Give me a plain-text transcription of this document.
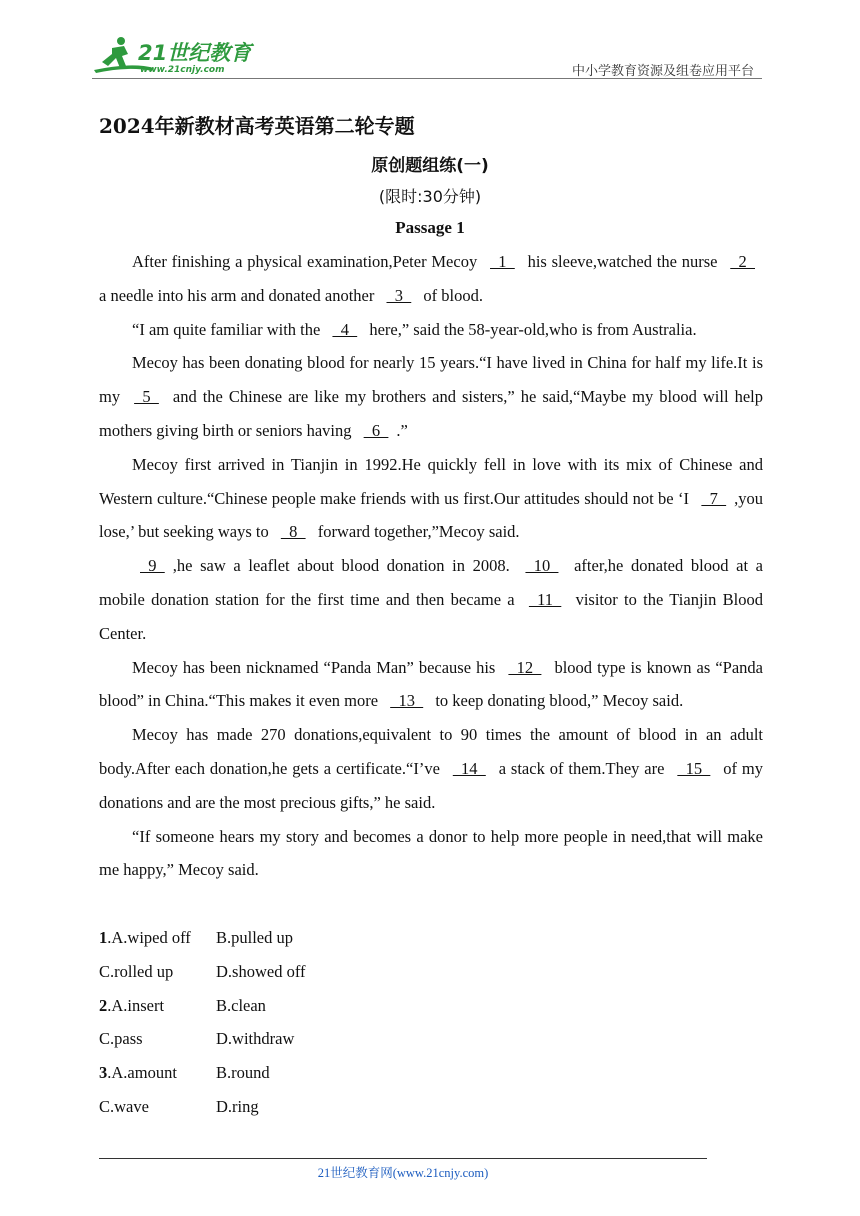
21世纪教育
www.21cnjy.com	中小学教育资源及组卷应用平台
2024年新教材高考英语第二轮专题
原创题组练(一)
(限时:30分钟)
Passage 1

After finishing a physical examination,Peter Mecoy  1  his sleeve,watched the nurse  2  a needle into his arm and donated another  3  of blood.

“I am quite familiar with the  4  here,” said the 58-year-old,who is from Australia.

Mecoy has been donating blood for nearly 15 years.“I have lived in China for half my life.It is my  5  and the Chinese are like my brothers and sisters,” he said,“Maybe my blood will help mothers giving birth or seniors having  6 .”

Mecoy first arrived in Tianjin in 1992.He quickly fell in love with its mix of Chinese and Western culture.“Chinese people make friends with us first.Our attitudes should not be ‘I  7 ,you lose,’ but seeking ways to  8  forward together,”Mecoy said.

 9 ,he saw a leaflet about blood donation in 2008.  10  after,he donated blood at a mobile donation station for the first time and then became a  11  visitor to the Tianjin Blood Center.

Mecoy has been nicknamed “Panda Man” because his  12  blood type is known as “Panda blood” in China.“This makes it even more  13  to keep donating blood,” Mecoy said.

Mecoy has made 270 donations,equivalent to 90 times the amount of blood in an adult body.After each donation,he gets a certificate.“I’ve  14  a stack of them.They are  15  of my donations and are the most precious gifts,” he said.

“If someone hears my story and becomes a donor to help more people in need,that will make me happy,” Mecoy said.

1.A.wiped off	B.pulled up
C.rolled up	D.showed off
2.A.insert	B.clean
C.pass	D.withdraw
3.A.amount	B.round
C.wave	D.ring
21世纪教育网(www.21cnjy.com)
